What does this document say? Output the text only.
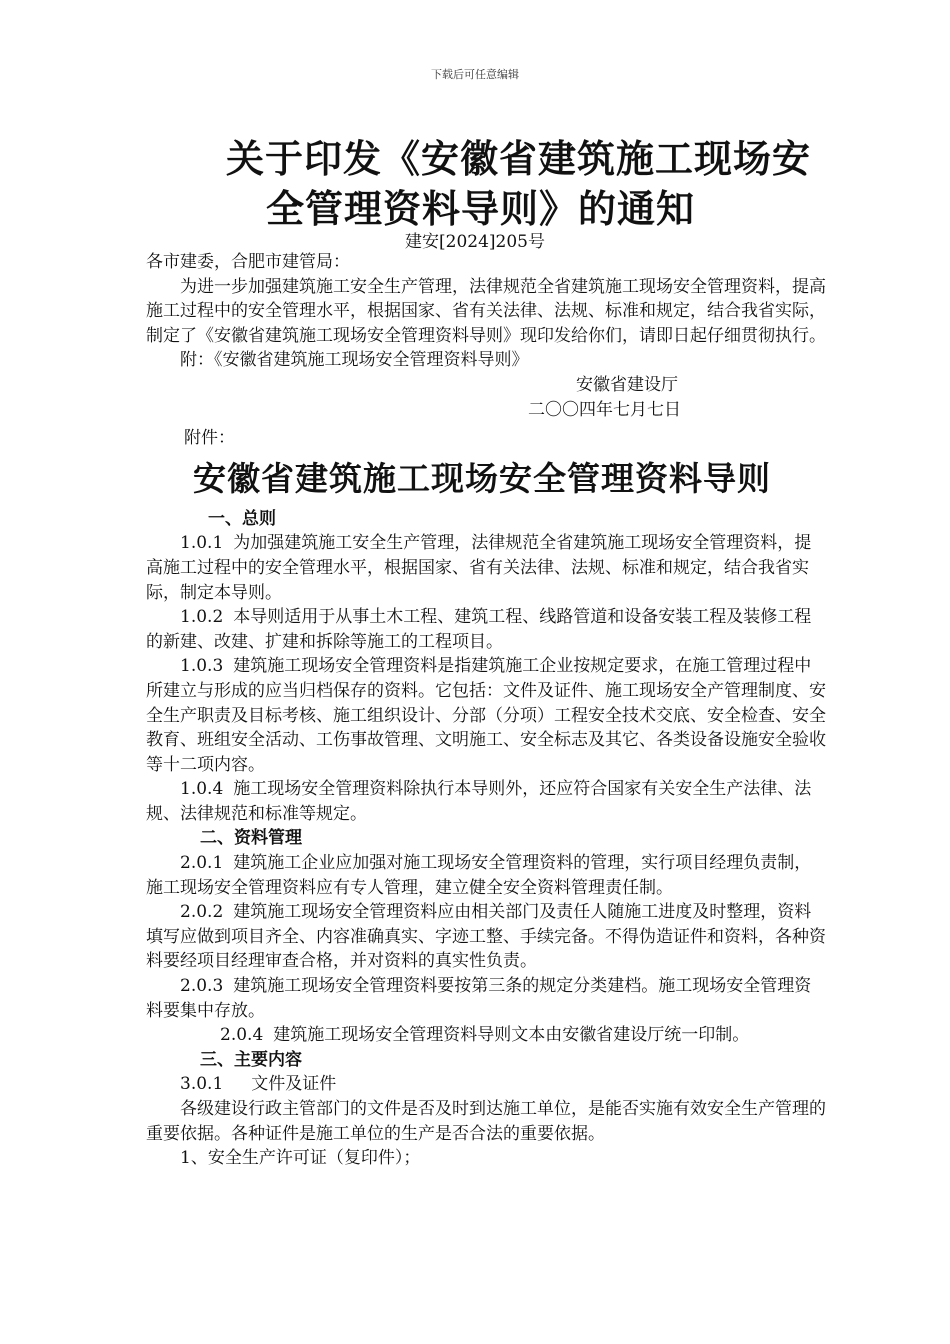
下载后可任意编辑
关于印发《安徽省建筑施工现场安
全管理资料导则》的通知
建安[2024]205号

各市建委，合肥市建管局：

为进一步加强建筑施工安全生产管理，法律规范全省建筑施工现场安全管理资料，提高施工过程中的安全管理水平，根据国家、省有关法律、法规、标准和规定，结合我省实际，制定了《安徽省建筑施工现场安全管理资料导则》现印发给你们，请即日起仔细贯彻执行。

附：《安徽省建筑施工现场安全管理资料导则》

安徽省建设厅

二〇〇四年七月七日

附件：

安徽省建筑施工现场安全管理资料导则

一、总则

1.0.1 为加强建筑施工安全生产管理，法律规范全省建筑施工现场安全管理资料，提高施工过程中的安全管理水平，根据国家、省有关法律、法规、标准和规定，结合我省实际，制定本导则。

1.0.2 本导则适用于从事土木工程、建筑工程、线路管道和设备安装工程及装修工程的新建、改建、扩建和拆除等施工的工程项目。

1.0.3 建筑施工现场安全管理资料是指建筑施工企业按规定要求，在施工管理过程中所建立与形成的应当归档保存的资料。它包括：文件及证件、施工现场安全产管理制度、安全生产职责及目标考核、施工组织设计、分部（分项）工程安全技术交底、安全检查、安全教育、班组安全活动、工伤事故管理、文明施工、安全标志及其它、各类设备设施安全验收等十二项内容。

1.0.4 施工现场安全管理资料除执行本导则外，还应符合国家有关安全生产法律、法规、法律规范和标准等规定。

二、资料管理

2.0.1 建筑施工企业应加强对施工现场安全管理资料的管理，实行项目经理负责制，施工现场安全管理资料应有专人管理，建立健全安全资料管理责任制。

2.0.2 建筑施工现场安全管理资料应由相关部门及责任人随施工进度及时整理，资料填写应做到项目齐全、内容准确真实、字迹工整、手续完备。不得伪造证件和资料，各种资料要经项目经理审查合格，并对资料的真实性负责。

2.0.3 建筑施工现场安全管理资料要按第三条的规定分类建档。施工现场安全管理资料要集中存放。

2.0.4 建筑施工现场安全管理资料导则文本由安徽省建设厅统一印制。

三、主要内容

3.0.1 文件及证件

各级建设行政主管部门的文件是否及时到达施工单位，是能否实施有效安全生产管理的重要依据。各种证件是施工单位的生产是否合法的重要依据。

1、安全生产许可证（复印件）；
